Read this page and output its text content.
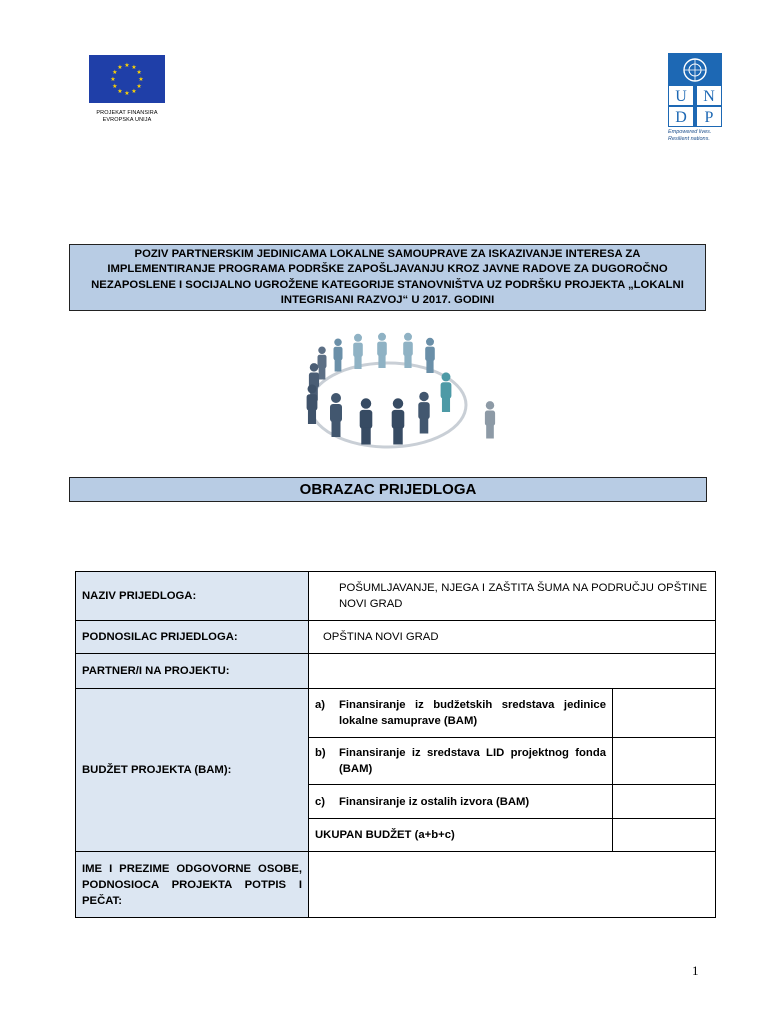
★ ★
★
★
★
★
★
★
★
★
★
★
PROJEKAT FINANSIRA
EVROPSKA UNIJA
U N
D P
Empowered lives.
Resilient nations.
POZIV PARTNERSKIM JEDINICAMA LOKALNE SAMOUPRAVE ZA ISKAZIVANJE INTERESA ZA IMPLEMENTIRANJE PROGRAMA PODRŠKE ZAPOŠLJAVANJU KROZ JAVNE RADOVE ZA DUGOROČNO NEZAPOSLENE I SOCIJALNO UGROŽENE KATEGORIJE STANOVNIŠTVA UZ PODRŠKU PROJEKTA „LOKALNI INTEGRISANI RAZVOJ“ U 2017. GODINI
OBRAZAC PRIJEDLOGA
NAZIV PRIJEDLOGA:	POŠUMLJAVANJE, NJEGA I ZAŠTITA ŠUMA NA PODRUČJU OPŠTINE NOVI GRAD	
PODNOSILAC PRIJEDLOGA:	OPŠTINA NOVI GRAD	
PARTNER/I NA PROJEKTU:		
BUDŽET PROJEKTA (BAM):	a) Finansiranje iz budžetskih sredstava jedinice lokalne samuprave (BAM)	

	b) Finansiranje iz sredstava LID projektnog fonda (BAM)	

	c) Finansiranje iz ostalih izvora (BAM)	

	UKUPAN BUDŽET (a+b+c)	
IME I PREZIME ODGOVORNE OSOBE, PODNOSIOCA PROJEKTA POTPIS I PEČAT:		
1
